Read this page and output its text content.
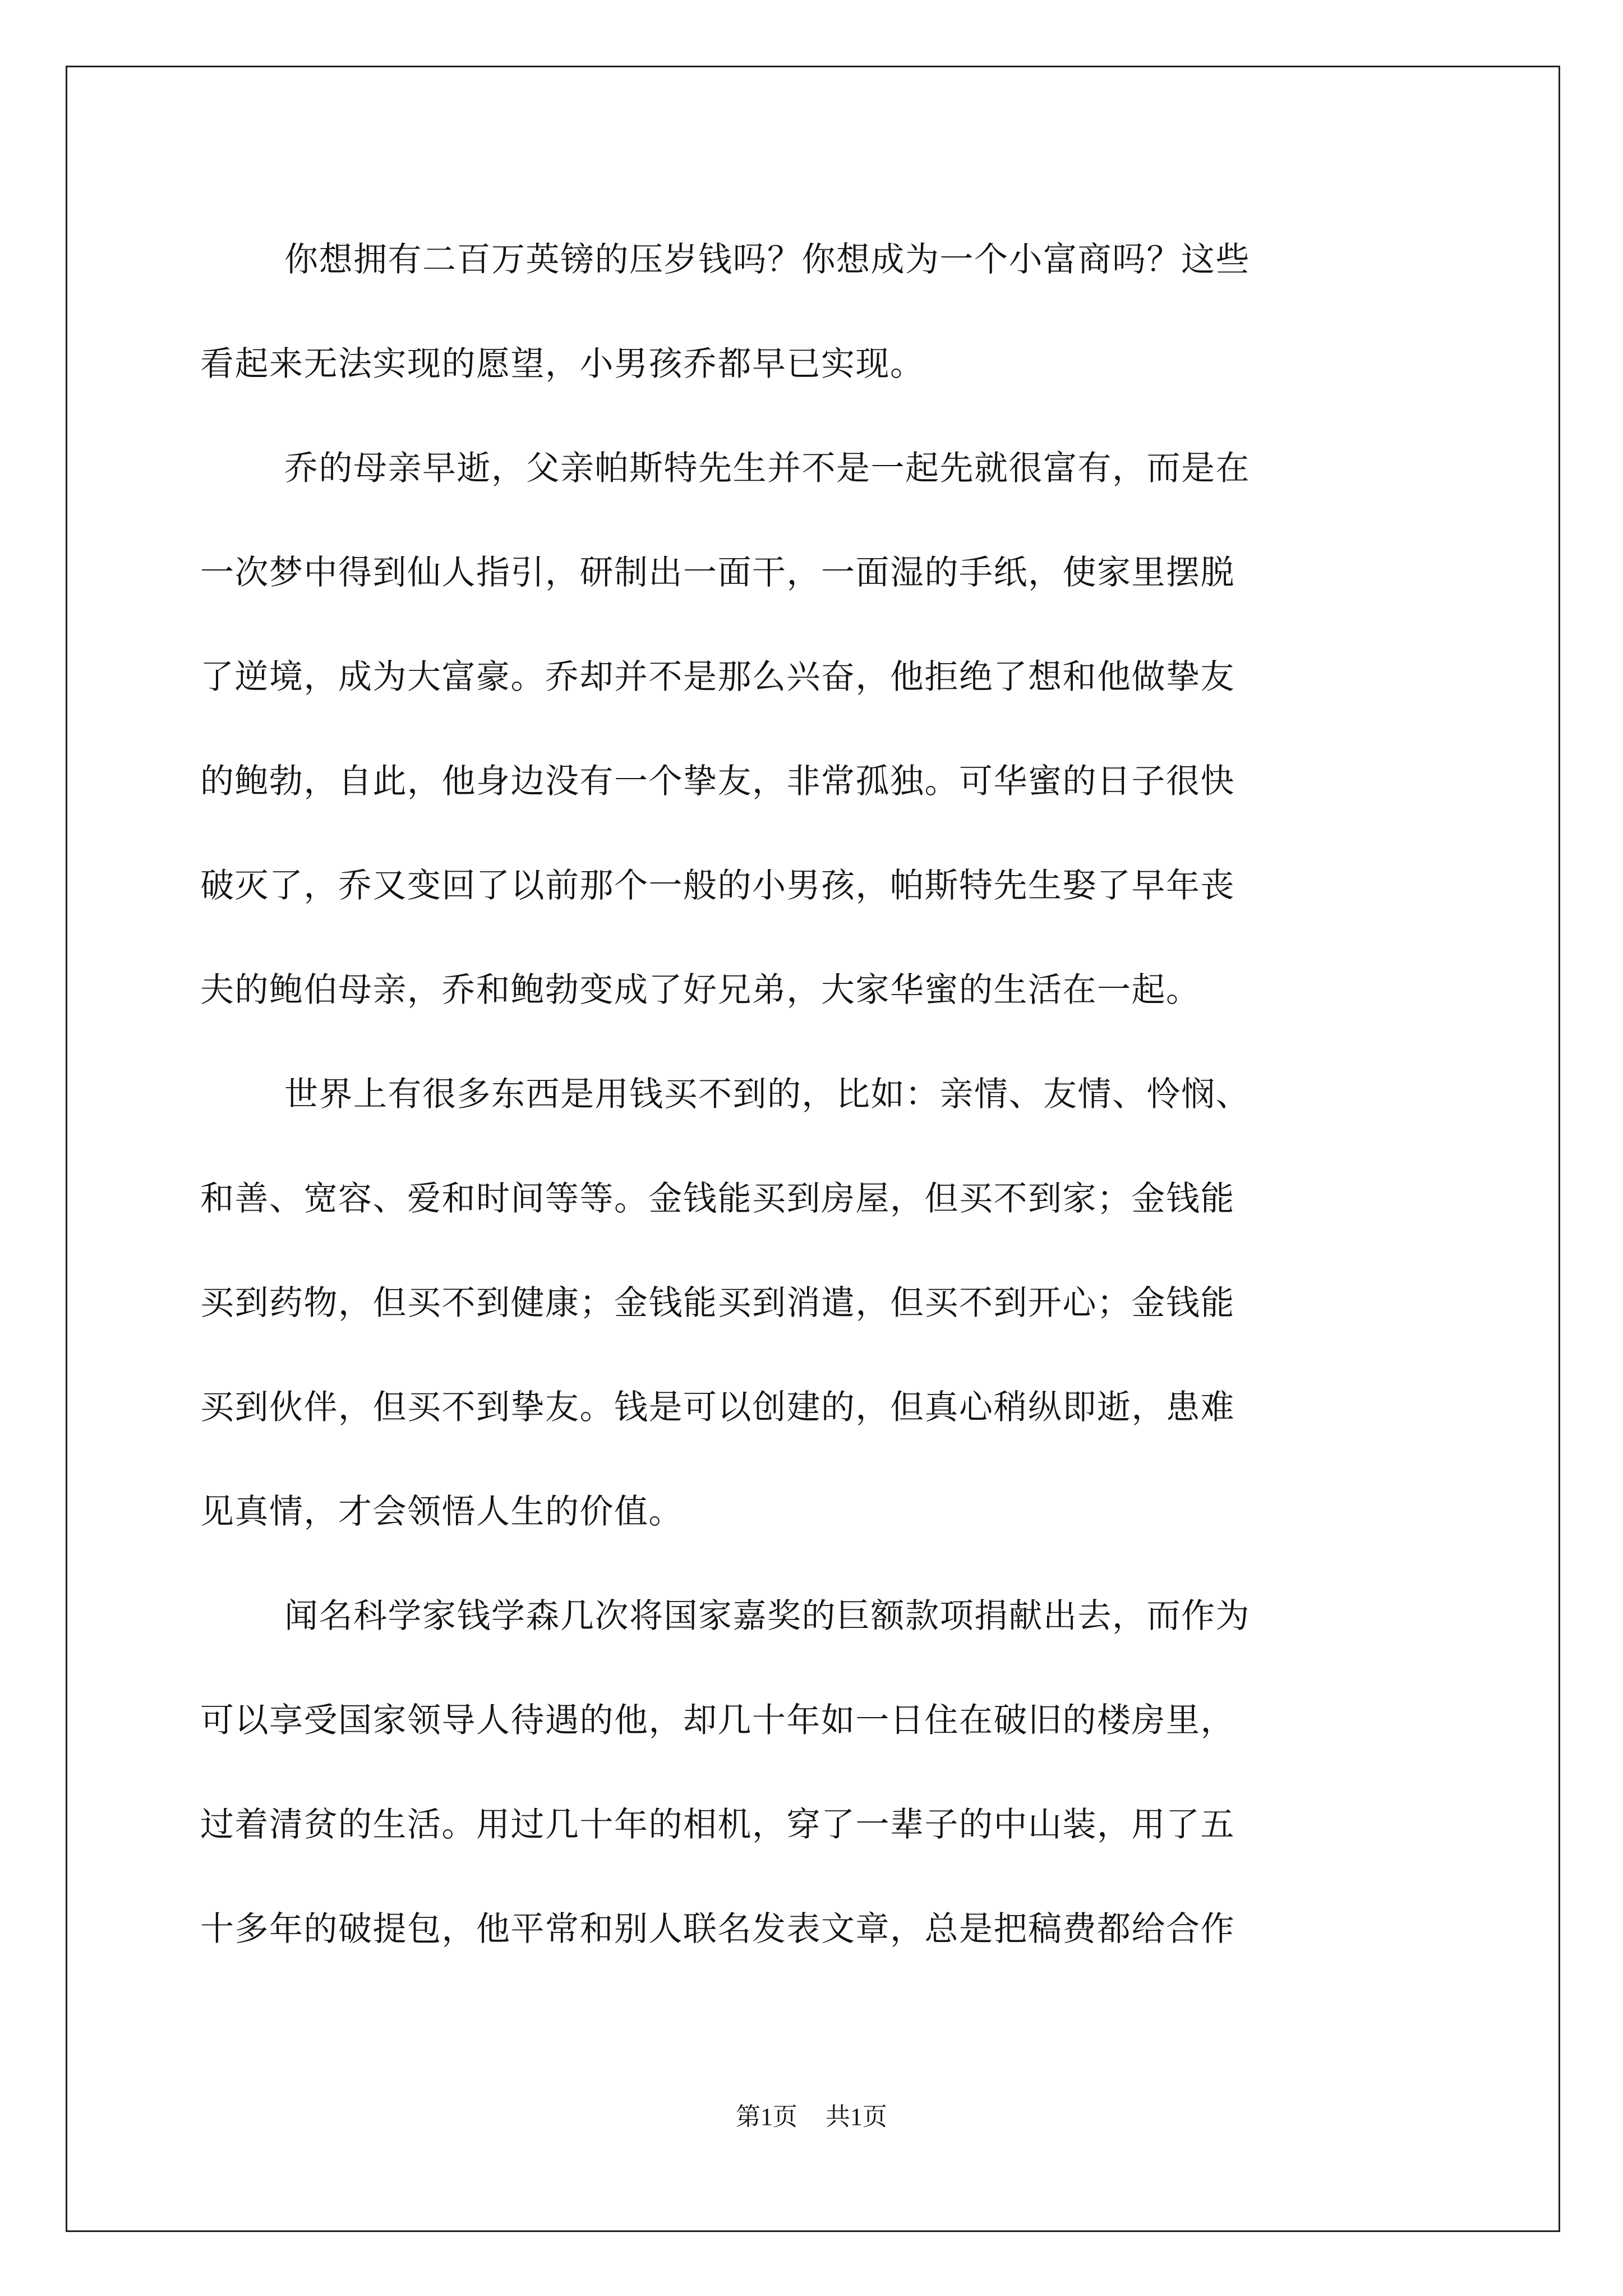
你想拥有二百万英镑的压岁钱吗？你想成为一个小富商吗？这些
看起来无法实现的愿望，小男孩乔都早已实现。
乔的母亲早逝，父亲帕斯特先生并不是一起先就很富有，而是在
一次梦中得到仙人指引，研制出一面干，一面湿的手纸，使家里摆脱
了逆境，成为大富豪。乔却并不是那么兴奋，他拒绝了想和他做挚友
的鲍勃，自此，他身边没有一个挚友，非常孤独。可华蜜的日子很快
破灭了，乔又变回了以前那个一般的小男孩，帕斯特先生娶了早年丧
夫的鲍伯母亲，乔和鲍勃变成了好兄弟，大家华蜜的生活在一起。
世界上有很多东西是用钱买不到的，比如：亲情、友情、怜悯、
和善、宽容、爱和时间等等。金钱能买到房屋，但买不到家；金钱能
买到药物，但买不到健康；金钱能买到消遣，但买不到开心；金钱能
买到伙伴，但买不到挚友。钱是可以创建的，但真心稍纵即逝，患难
见真情，才会领悟人生的价值。
闻名科学家钱学森几次将国家嘉奖的巨额款项捐献出去，而作为
可以享受国家领导人待遇的他，却几十年如一日住在破旧的楼房里，
过着清贫的生活。用过几十年的相机，穿了一辈子的中山装，用了五
十多年的破提包，他平常和别人联名发表文章，总是把稿费都给合作
第1页 共1页
